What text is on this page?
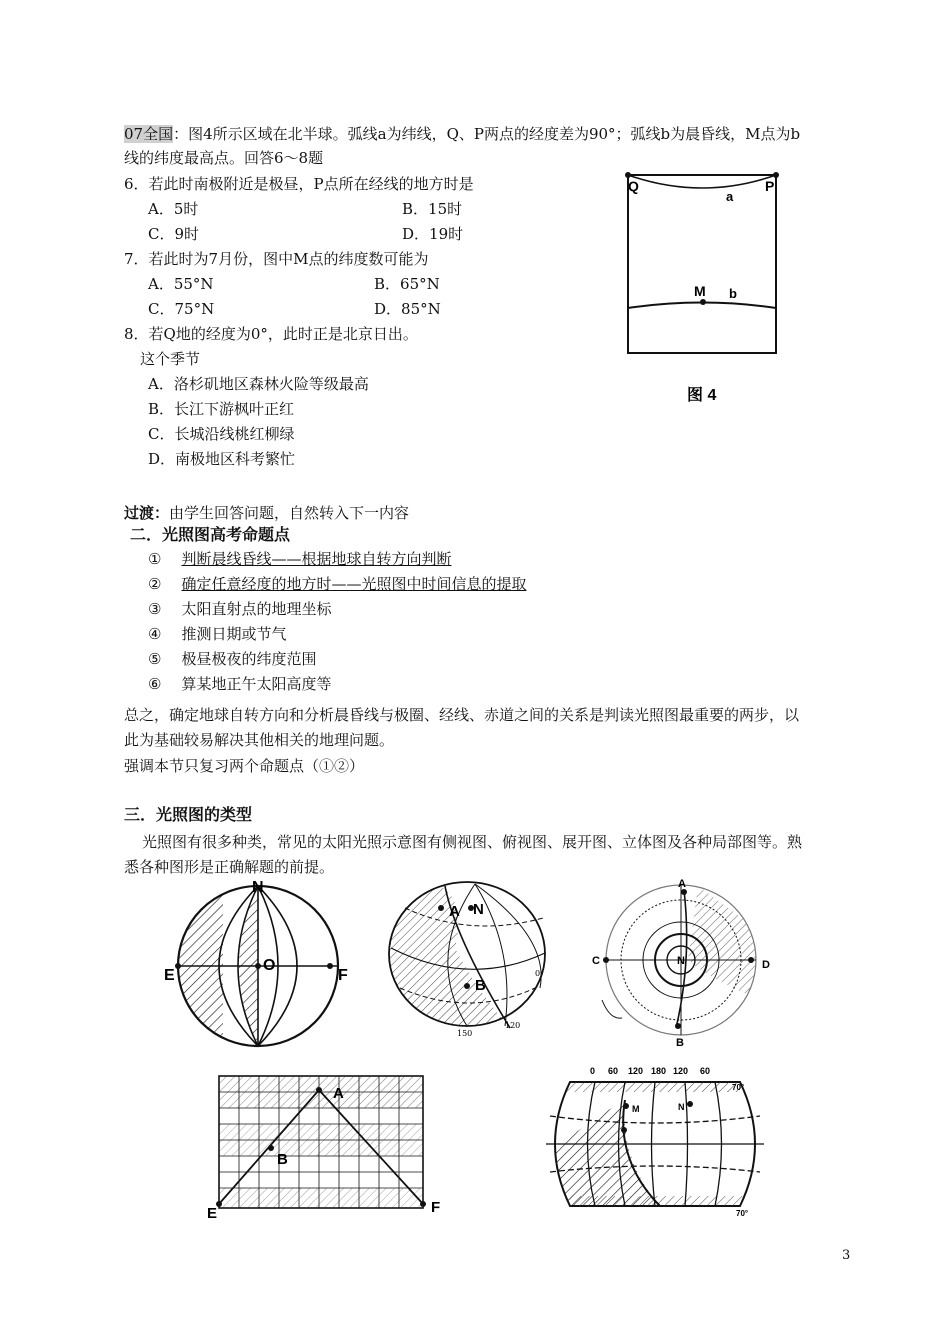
07全国：图4所示区域在北半球。弧线a为纬线，Q、P两点的经度差为90°；弧线b为晨昏线，M点为b
线的纬度最高点。回答6～8题
6．若此时南极附近是极昼，P点所在经线的地方时是
A．5时	B．15时
C．9时	D．19时
7．若此时为7月份，图中M点的纬度数可能为
A．55°N	B．65°N
C．75°N	D．85°N
8．若Q地的经度为0°，此时正是北京日出。
这个季节
A．洛杉矶地区森林火险等级最高
B．长江下游枫叶正红
C．长城沿线桃红柳绿
D．南极地区科考繁忙
Q	P
a
M b
图 4
过渡：由学生回答问题，自然转入下一内容
二．光照图高考命题点
① 判断晨线昏线——根据地球自转方向判断
② 确定任意经度的地方时——光照图中时间信息的提取
③ 太阳直射点的地理坐标
④ 推测日期或节气
⑤ 极昼极夜的纬度范围
⑥ 算某地正午太阳高度等
总之，确定地球自转方向和分析晨昏线与极圈、经线、赤道之间的关系是判读光照图最重要的两步，以
此为基础较易解决其他相关的地理问题。
强调本节只复习两个命题点（①②）
三．光照图的类型
光照图有很多种类，常见的太阳光照示意图有侧视图、俯视图、展开图、立体图及各种局部图等。熟
悉各种图形是正确解题的前提。
N
O
E	F
A N
B
0
120
150
A
B
C	D
N
A
B
E	F
0 60 120 180 120 60
70°
70°
M	N
3
